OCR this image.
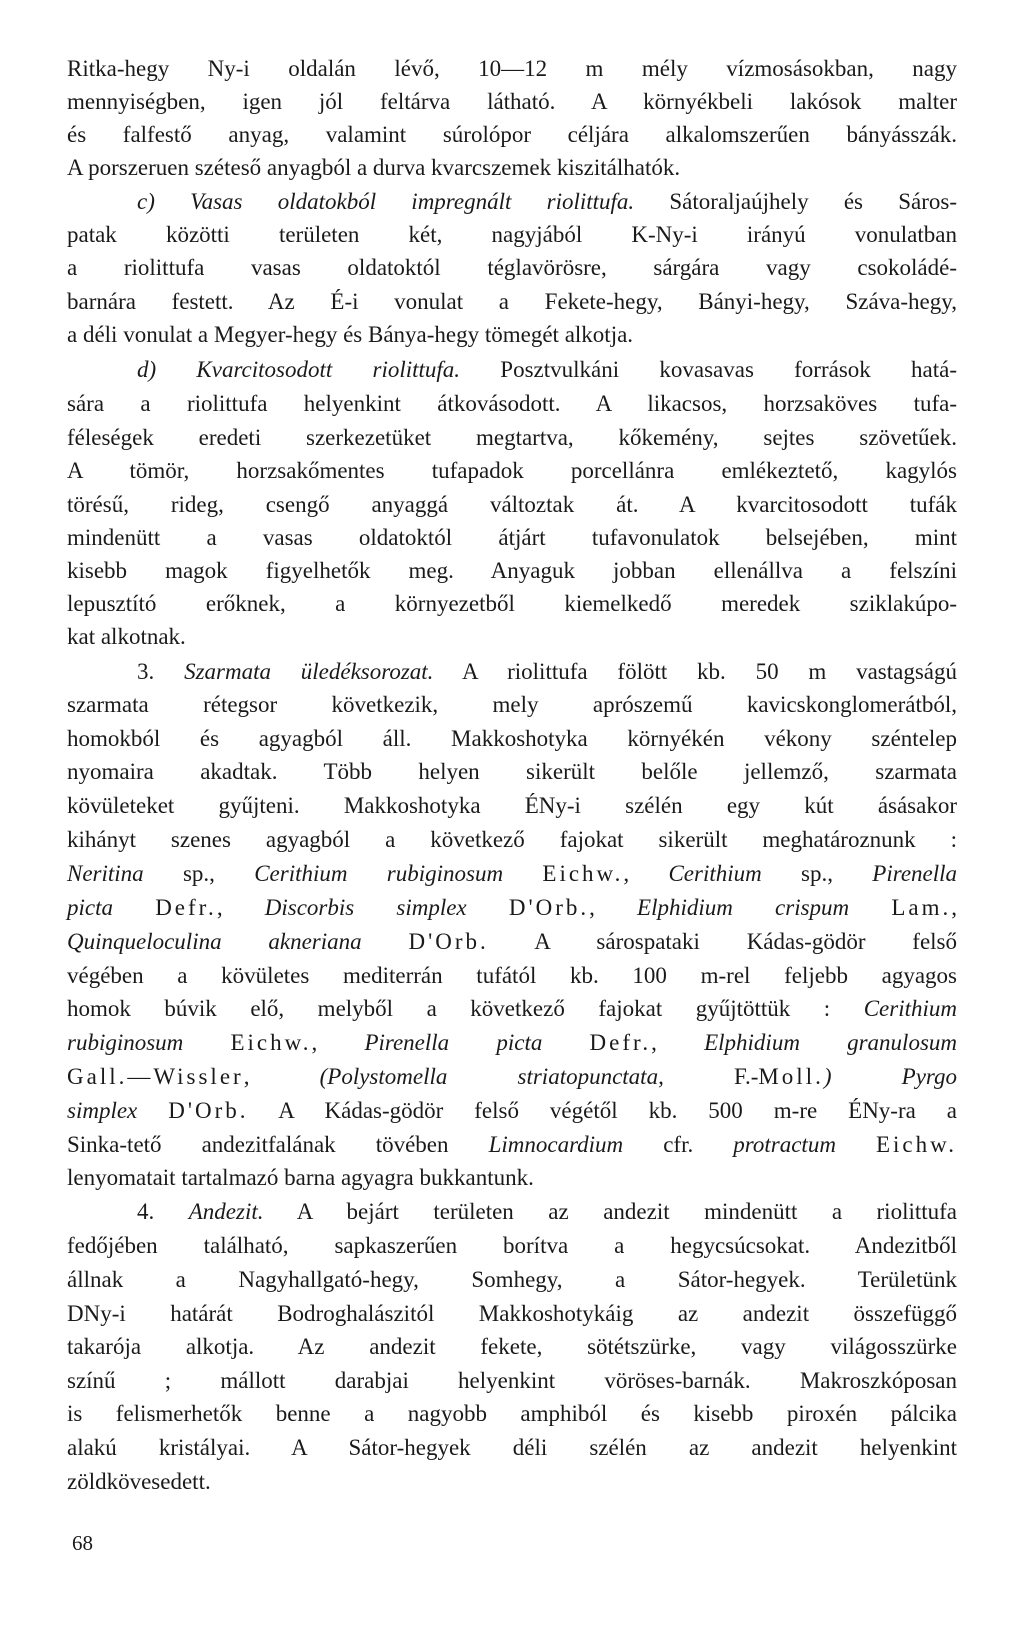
Ritka-hegy Ny-i oldalán lévő, 10—12 m mély vízmosásokban, nagy
mennyiségben, igen jól feltárva látható. A környékbeli lakósok malter
és falfestő anyag, valamint súrolópor céljára alkalomszerűen bányásszák.
A porszeruen széteső anyagból a durva kvarcszemek kiszitálhatók.
c) Vasas oldatokból impregnált riolittufa. Sátoraljaújhely és Sáros-
patak közötti területen két, nagyjából K-Ny-i irányú vonulatban
a riolittufa vasas oldatoktól téglavörösre, sárgára vagy csokoládé-
barnára festett. Az É-i vonulat a Fekete-hegy, Bányi-hegy, Száva-hegy,
a déli vonulat a Megyer-hegy és Bánya-hegy tömegét alkotja.
d) Kvarcitosodott riolittufa. Posztvulkáni kovasavas források hatá-
sára a riolittufa helyenkint átkovásodott. A likacsos, horzsaköves tufa-
féleségek eredeti szerkezetüket megtartva, kőkemény, sejtes szövetűek.
A tömör, horzsakőmentes tufapadok porcellánra emlékeztető, kagylós
törésű, rideg, csengő anyaggá változtak át. A kvarcitosodott tufák
mindenütt a vasas oldatoktól átjárt tufavonulatok belsejében, mint
kisebb magok figyelhetők meg. Anyaguk jobban ellenállva a felszíni
lepusztító erőknek, a környezetből kiemelkedő meredek sziklakúpo-
kat alkotnak.
3. Szarmata üledéksorozat. A riolittufa fölött kb. 50 m vastagságú
szarmata rétegsor következik, mely aprószemű kavicskonglomerátból,
homokból és agyagból áll. Makkoshotyka környékén vékony széntelep
nyomaira akadtak. Több helyen sikerült belőle jellemző, szarmata
kövületeket gyűjteni. Makkoshotyka ÉNy-i szélén egy kút ásásakor
kihányt szenes agyagból a következő fajokat sikerült meghatároznunk :
Neritina sp., Cerithium rubiginosum Eichw., Cerithium sp., Pirenella
picta Defr., Discorbis simplex D'Orb., Elphidium crispum Lam.,
Quinqueloculina akneriana D'Orb. A sárospataki Kádas-gödör felső
végében a kövületes mediterrán tufától kb. 100 m-rel feljebb agyagos
homok búvik elő, melyből a következő fajokat gyűjtöttük : Cerithium
rubiginosum Eichw., Pirenella picta Defr., Elphidium granulosum
Gall.—Wissler, (Polystomella striatopunctata, F.-Moll.) Pyrgo
simplex D'Orb. A Kádas-gödör felső végétől kb. 500 m-re ÉNy-ra a
Sinka-tető andezitfalának tövében Limnocardium cfr. protractum Eichw.
lenyomatait tartalmazó barna agyagra bukkantunk.
4. Andezit. A bejárt területen az andezit mindenütt a riolittufa
fedőjében található, sapkaszerűen borítva a hegycsúcsokat. Andezitből
állnak a Nagyhallgató-hegy, Somhegy, a Sátor-hegyek. Területünk
DNy-i határát Bodroghalászitól Makkoshotykáig az andezit összefüggő
takarója alkotja. Az andezit fekete, sötétszürke, vagy világosszürke
színű ; mállott darabjai helyenkint vöröses-barnák. Makroszkóposan
is felismerhetők benne a nagyobb amphiból és kisebb piroxén pálcika
alakú kristályai. A Sátor-hegyek déli szélén az andezit helyenkint
zöldkövesedett.
68
